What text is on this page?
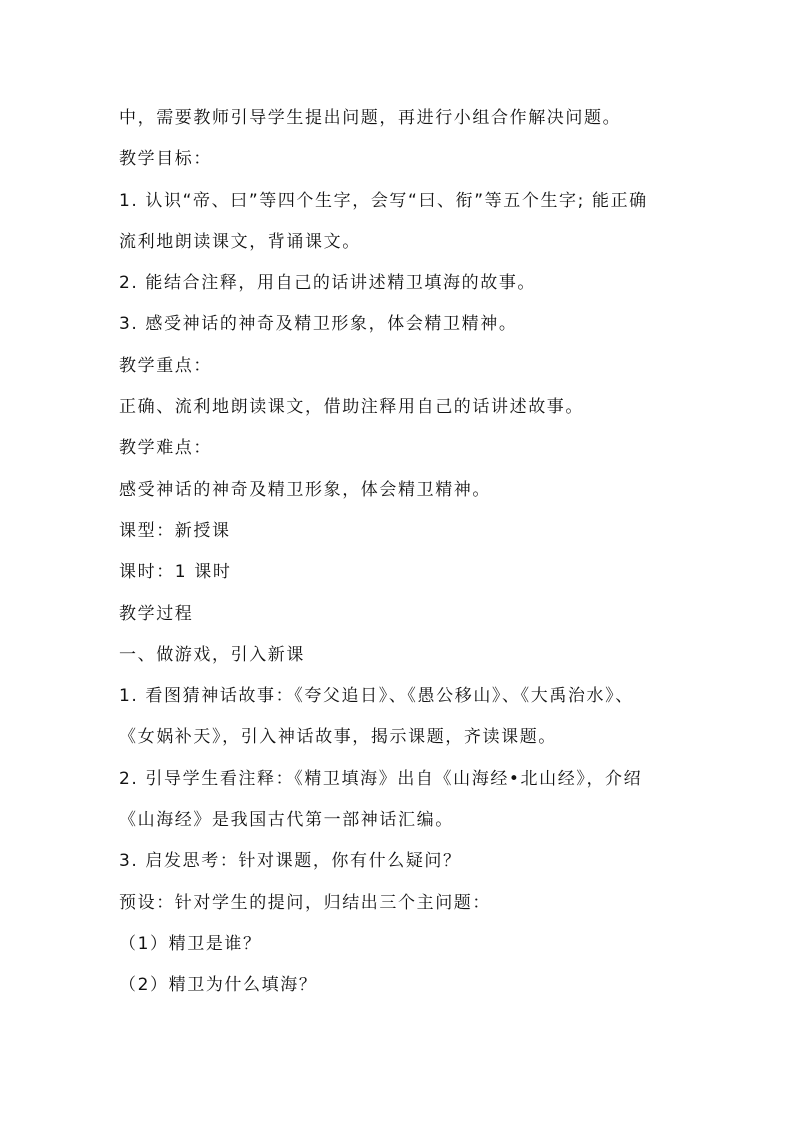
中，需要教师引导学生提出问题，再进行小组合作解决问题。
教学目标：
1. 认识“帝、曰”等四个生字，会写“曰、衔”等五个生字; 能正确
流利地朗读课文，背诵课文。
2. 能结合注释，用自己的话讲述精卫填海的故事。
3. 感受神话的神奇及精卫形象，体会精卫精神。
教学重点：
正确、流利地朗读课文，借助注释用自己的话讲述故事。
教学难点：
感受神话的神奇及精卫形象，体会精卫精神。
课型：新授课
课时：1 课时
教学过程
一、做游戏，引入新课
1. 看图猜神话故事：《夸父追日》、《愚公移山》、《大禹治水》、
《女娲补天》，引入神话故事，揭示课题，齐读课题。
2. 引导学生看注释：《精卫填海》出自《山海经•北山经》，介绍
《山海经》是我国古代第一部神话汇编。
3. 启发思考：针对课题，你有什么疑问？
预设：针对学生的提问，归结出三个主问题：
（1）精卫是谁？
（2）精卫为什么填海？
